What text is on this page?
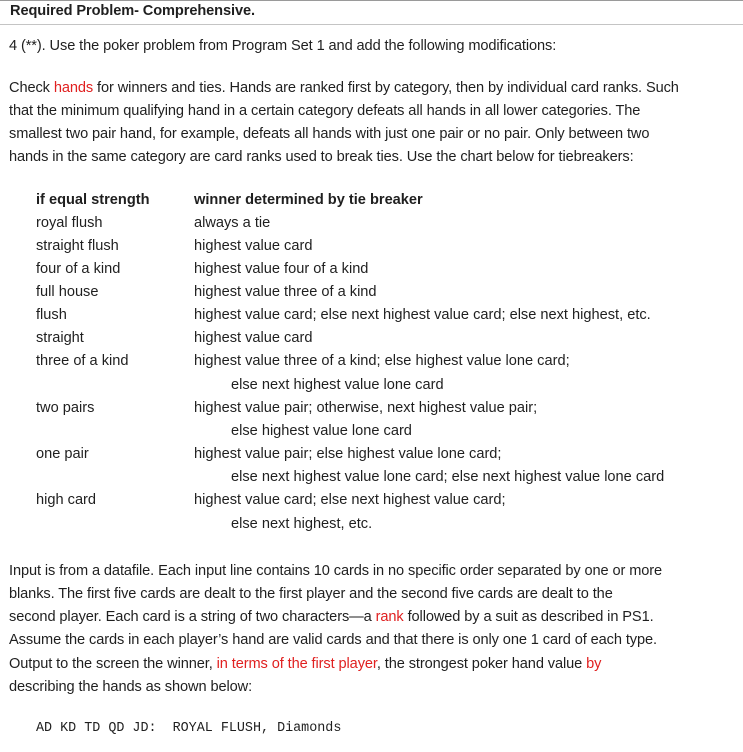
Required Problem- Comprehensive.
4 (**). Use the poker problem from Program Set 1 and add the following modifications:
Check hands for winners and ties. Hands are ranked first by category, then by individual card ranks. Such
that the minimum qualifying hand in a certain category defeats all hands in all lower categories. The
smallest two pair hand, for example, defeats all hands with just one pair or no pair. Only between two
hands in the same category are card ranks used to break ties. Use the chart below for tiebreakers:
if equal strength	winner determined by tie breaker
royal flush	always a tie
straight flush	highest value card
four of a kind	highest value four of a kind
full house	highest value three of a kind
flush	highest value card; else next highest value card; else next highest, etc.
straight	highest value card
three of a kind	highest value three of a kind; else highest value lone card;
else next highest value lone card
two pairs	highest value pair; otherwise, next highest value pair;
else highest value lone card
one pair	highest value pair; else highest value lone card;
else next highest value lone card; else next highest value lone card
high card	highest value card; else next highest value card;
else next highest, etc.
Input is from a datafile. Each input line contains 10 cards in no specific order separated by one or more
blanks. The first five cards are dealt to the first player and the second five cards are dealt to the
second player. Each card is a string of two characters—a rank followed by a suit as described in PS1.
Assume the cards in each player’s hand are valid cards and that there is only one 1 card of each type.
Output to the screen the winner, in terms of the first player, the strongest poker hand value by
describing the hands as shown below:
AD KD TD QD JD:  ROYAL FLUSH, Diamonds
